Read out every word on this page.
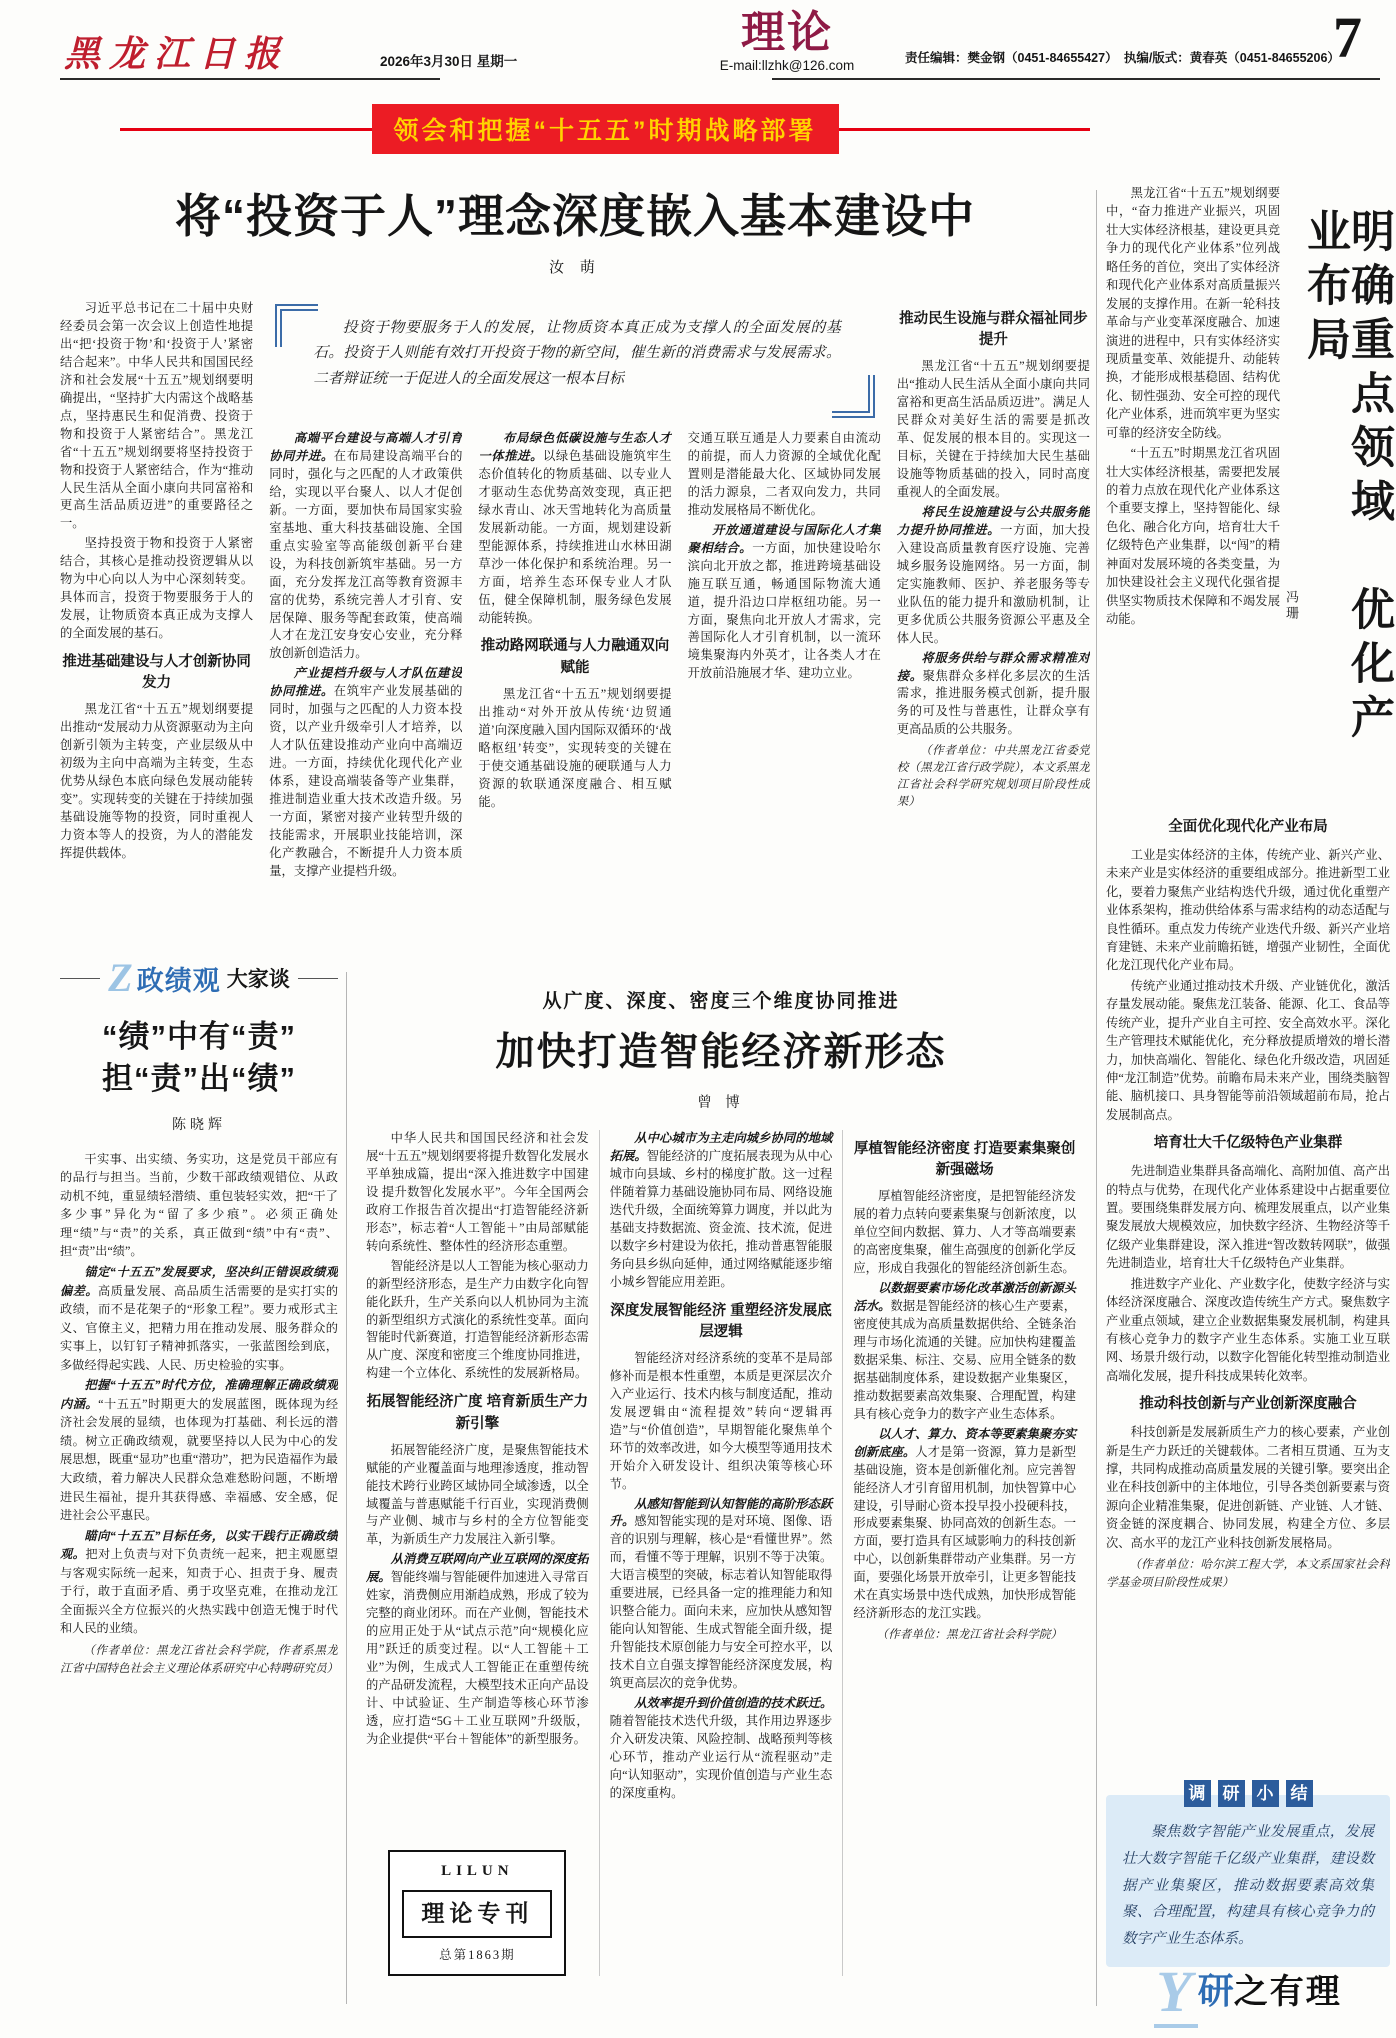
黑龙江日报	2026年3月30日 星期一
理论
E-mail:llzhk@126.com
责任编辑：樊金钢（0451-84655427）　执编/版式：黄春英（0451-84655206）
7
领会和把握“十五五”时期战略部署
将“投资于人”理念深度嵌入基本建设中
汝 萌

习近平总书记在二十届中央财经委员会第一次会议上创造性地提出“把‘投资于物’和‘投资于人’紧密结合起来”。中华人民共和国国民经济和社会发展“十五五”规划纲要明确提出，“坚持扩大内需这个战略基点，坚持惠民生和促消费、投资于物和投资于人紧密结合”。黑龙江省“十五五”规划纲要将坚持投资于物和投资于人紧密结合，作为“推动人民生活从全面小康向共同富裕和更高生活品质迈进”的重要路径之一。

坚持投资于物和投资于人紧密结合，其核心是推动投资逻辑从以物为中心向以人为中心深刻转变。具体而言，投资于物要服务于人的发展，让物质资本真正成为支撑人的全面发展的基石。

推进基础建设与人才创新协同发力

黑龙江省“十五五”规划纲要提出推动“发展动力从资源驱动为主向创新引领为主转变，产业层级从中初级为主向中高端为主转变，生态优势从绿色本底向绿色发展动能转变”。实现转变的关键在于持续加强基础设施等物的投资，同时重视人力资本等人的投资，为人的潜能发挥提供载体。

投资于物要服务于人的发展，让物质资本真正成为支撑人的全面发展的基石。投资于人则能有效打开投资于物的新空间，催生新的消费需求与发展需求。二者辩证统一于促进人的全面发展这一根本目标

高端平台建设与高端人才引育协同并进。在布局建设高端平台的同时，强化与之匹配的人才政策供给，实现以平台聚人、以人才促创新。一方面，要加快布局国家实验室基地、重大科技基础设施、全国重点实验室等高能级创新平台建设，为科技创新筑牢基础。另一方面，充分发挥龙江高等教育资源丰富的优势，系统完善人才引育、安居保障、服务等配套政策，使高端人才在龙江安身安心安业，充分释放创新创造活力。

产业提档升级与人才队伍建设协同推进。在筑牢产业发展基础的同时，加强与之匹配的人力资本投资，以产业升级牵引人才培养，以人才队伍建设推动产业向中高端迈进。一方面，持续优化现代化产业体系，建设高端装备等产业集群，推进制造业重大技术改造升级。另一方面，紧密对接产业转型升级的技能需求，开展职业技能培训，深化产教融合，不断提升人力资本质量，支撑产业提档升级。

布局绿色低碳设施与生态人才一体推进。以绿色基础设施筑牢生态价值转化的物质基础、以专业人才驱动生态优势高效变现，真正把绿水青山、冰天雪地转化为高质量发展新动能。一方面，规划建设新型能源体系，持续推进山水林田湖草沙一体化保护和系统治理。另一方面，培养生态环保专业人才队伍，健全保障机制，服务绿色发展动能转换。

推动路网联通与人力融通双向赋能

黑龙江省“十五五”规划纲要提出推动“对外开放从传统‘边贸通道’向深度融入国内国际双循环的‘战略枢纽’转变”，实现转变的关键在于使交通基础设施的硬联通与人力资源的软联通深度融合、相互赋能。

交通互联互通是人力要素自由流动的前提，而人力资源的全域优化配置则是潜能最大化、区域协同发展的活力源泉，二者双向发力，共同推动发展格局不断优化。

开放通道建设与国际化人才集聚相结合。一方面，加快建设哈尔滨向北开放之都，推进跨境基础设施互联互通，畅通国际物流大通道，提升沿边口岸枢纽功能。另一方面，聚焦向北开放人才需求，完善国际化人才引育机制，以一流环境集聚海内外英才，让各类人才在开放前沿施展才华、建功立业。

推动民生设施与群众福祉同步提升

黑龙江省“十五五”规划纲要提出“推动人民生活从全面小康向共同富裕和更高生活品质迈进”。满足人民群众对美好生活的需要是抓改革、促发展的根本目的。实现这一目标，关键在于持续加大民生基础设施等物质基础的投入，同时高度重视人的全面发展。

将民生设施建设与公共服务能力提升协同推进。一方面，加大投入建设高质量教育医疗设施、完善城乡服务设施网络。另一方面，制定实施教师、医护、养老服务等专业队伍的能力提升和激励机制，让更多优质公共服务资源公平惠及全体人民。

将服务供给与群众需求精准对接。聚焦群众多样化多层次的生活需求，推进服务模式创新，提升服务的可及性与普惠性，让群众享有更高品质的公共服务。

（作者单位：中共黑龙江省委党校（黑龙江省行政学院），本文系黑龙江省社会科学研究规划项目阶段性成果）

Z 政绩观 大家谈
“绩”中有“责”
担“责”出“绩”
陈晓辉

干实事、出实绩、务实功，这是党员干部应有的品行与担当。当前，少数干部政绩观错位、从政动机不纯，重显绩轻潜绩、重包装轻实效，把“干了多少事”异化为“留了多少痕”。必须正确处理“绩”与“责”的关系，真正做到“绩”中有“责”、担“责”出“绩”。

锚定“十五五”发展要求，坚决纠正错误政绩观偏差。高质量发展、高品质生活需要的是实打实的政绩，而不是花架子的“形象工程”。要力戒形式主义、官僚主义，把精力用在推动发展、服务群众的实事上，以钉钉子精神抓落实，一张蓝图绘到底，多做经得起实践、人民、历史检验的实事。

把握“十五五”时代方位，准确理解正确政绩观内涵。“十五五”时期更大的发展蓝图，既体现为经济社会发展的显绩，也体现为打基础、利长远的潜绩。树立正确政绩观，就要坚持以人民为中心的发展思想，既重“显功”也重“潜功”，把为民造福作为最大政绩，着力解决人民群众急难愁盼问题，不断增进民生福祉，提升其获得感、幸福感、安全感，促进社会公平惠民。

瞄向“十五五”目标任务，以实干践行正确政绩观。把对上负责与对下负责统一起来，把主观愿望与客观实际统一起来，知责于心、担责于身、履责于行，敢于直面矛盾、勇于攻坚克难，在推动龙江全面振兴全方位振兴的火热实践中创造无愧于时代和人民的业绩。

（作者单位：黑龙江省社会科学院，作者系黑龙江省中国特色社会主义理论体系研究中心特聘研究员）

从广度、深度、密度三个维度协同推进
加快打造智能经济新形态
曾 博

中华人民共和国国民经济和社会发展“十五五”规划纲要将提升数智化发展水平单独成篇，提出“深入推进数字中国建设 提升数智化发展水平”。今年全国两会政府工作报告首次提出“打造智能经济新形态”，标志着“人工智能＋”由局部赋能转向系统性、整体性的经济形态重塑。

智能经济是以人工智能为核心驱动力的新型经济形态，是生产力由数字化向智能化跃升，生产关系向以人机协同为主流的新型组织方式演化的系统性变革。面向智能时代新赛道，打造智能经济新形态需从广度、深度和密度三个维度协同推进，构建一个立体化、系统性的发展新格局。

拓展智能经济广度 培育新质生产力新引擎

拓展智能经济广度，是聚焦智能技术赋能的产业覆盖面与地理渗透度，推动智能技术跨行业跨区域协同全域渗透，以全域覆盖与普惠赋能千行百业，实现消费侧与产业侧、城市与乡村的全方位智能变革，为新质生产力发展注入新引擎。

从消费互联网向产业互联网的深度拓展。智能终端与智能硬件加速进入寻常百姓家，消费侧应用渐趋成熟，形成了较为完整的商业闭环。而在产业侧，智能技术的应用正处于从“试点示范”向“规模化应用”跃迁的质变过程。以“人工智能＋工业”为例，生成式人工智能正在重塑传统的产品研发流程，大模型技术正向产品设计、中试验证、生产制造等核心环节渗透，应打造“5G＋工业互联网”升级版，为企业提供“平台＋智能体”的新型服务。

LILUN
理论专刊
总第1863期

从中心城市为主走向城乡协同的地域拓展。智能经济的广度拓展表现为从中心城市向县域、乡村的梯度扩散。这一过程伴随着算力基础设施协同布局、网络设施迭代升级，全面统筹算力调度，并以此为基础支持数据流、资金流、技术流，促进以数字乡村建设为依托，推动普惠智能服务向县乡纵向延伸，通过网络赋能逐步缩小城乡智能应用差距。

深度发展智能经济 重塑经济发展底层逻辑

智能经济对经济系统的变革不是局部修补而是根本性重塑，本质是更深层次介入产业运行、技术内核与制度适配，推动发展逻辑由“流程提效”转向“逻辑再造”与“价值创造”，早期智能化聚焦单个环节的效率改进，如今大模型等通用技术开始介入研发设计、组织决策等核心环节。

从感知智能到认知智能的高阶形态跃升。感知智能实现的是对环境、图像、语音的识别与理解，核心是“看懂世界”。然而，看懂不等于理解，识别不等于决策。大语言模型的突破，标志着认知智能取得重要进展，已经具备一定的推理能力和知识整合能力。面向未来，应加快从感知智能向认知智能、生成式智能全面升级，提升智能技术原创能力与安全可控水平，以技术自立自强支撑智能经济深度发展，构筑更高层次的竞争优势。

从效率提升到价值创造的技术跃迁。随着智能技术迭代升级，其作用边界逐步介入研发决策、风险控制、战略预判等核心环节，推动产业运行从“流程驱动”走向“认知驱动”，实现价值创造与产业生态的深度重构。

厚植智能经济密度 打造要素集聚创新强磁场

厚植智能经济密度，是把智能经济发展的着力点转向要素集聚与创新浓度，以单位空间内数据、算力、人才等高端要素的高密度集聚，催生高强度的创新化学反应，形成自我强化的智能经济创新生态。

以数据要素市场化改革激活创新源头活水。数据是智能经济的核心生产要素，密度使其成为高质量数据供给、全链条治理与市场化流通的关键。应加快构建覆盖数据采集、标注、交易、应用全链条的数据基础制度体系，建设数据产业集聚区，推动数据要素高效集聚、合理配置，构建具有核心竞争力的数字产业生态体系。

以人才、算力、资本等要素集聚夯实创新底座。人才是第一资源，算力是新型基础设施，资本是创新催化剂。应完善智能经济人才引育留用机制，加快智算中心建设，引导耐心资本投早投小投硬科技，形成要素集聚、协同高效的创新生态。一方面，要打造具有区域影响力的科技创新中心，以创新集群带动产业集群。另一方面，要强化场景开放牵引，让更多智能技术在真实场景中迭代成熟，加快形成智能经济新形态的龙江实践。

（作者单位：黑龙江省社会科学院）

黑龙江省“十五五”规划纲要中，“奋力推进产业振兴，巩固壮大实体经济根基，建设更具竞争力的现代化产业体系”位列战略任务的首位，突出了实体经济和现代化产业体系对高质量振兴发展的支撑作用。在新一轮科技革命与产业变革深度融合、加速演进的进程中，只有实体经济实现质量变革、效能提升、动能转换，才能形成根基稳固、结构优化、韧性强劲、安全可控的现代化产业体系，进而筑牢更为坚实可靠的经济安全防线。

“十五五”时期黑龙江省巩固壮大实体经济根基，需要把发展的着力点放在现代化产业体系这个重要支撑上，坚持智能化、绿色化、融合化方向，培育壮大千亿级特色产业集群，以“闯”的精神面对发展环境的各类变量，为加快建设社会主义现代化强省提供坚实物质技术保障和不竭发展动能。	冯珊	明确重点领域　优化产业布局

全面优化现代化产业布局

工业是实体经济的主体，传统产业、新兴产业、未来产业是实体经济的重要组成部分。推进新型工业化，要着力聚焦产业结构迭代升级，通过优化重塑产业体系架构，推动供给体系与需求结构的动态适配与良性循环。重点发力传统产业迭代升级、新兴产业培育建链、未来产业前瞻拓链，增强产业韧性，全面优化龙江现代化产业布局。

传统产业通过推动技术升级、产业链优化，激活存量发展动能。聚焦龙江装备、能源、化工、食品等传统产业，提升产业自主可控、安全高效水平。深化生产管理技术赋能优化，充分释放提质增效的增长潜力，加快高端化、智能化、绿色化升级改造，巩固延伸“龙江制造”优势。前瞻布局未来产业，围绕类脑智能、脑机接口、具身智能等前沿领域超前布局，抢占发展制高点。

培育壮大千亿级特色产业集群

先进制造业集群具备高端化、高附加值、高产出的特点与优势，在现代化产业体系建设中占据重要位置。要围绕集群发展方向、梳理发展重点，以产业集聚发展放大规模效应，加快数字经济、生物经济等千亿级产业集群建设，深入推进“智改数转网联”，做强先进制造业，培育壮大千亿级特色产业集群。

推进数字产业化、产业数字化，使数字经济与实体经济深度融合、深度改造传统生产方式。聚焦数字产业重点领域，建立企业数据集聚发展机制，构建具有核心竞争力的数字产业生态体系。实施工业互联网、场景升级行动，以数字化智能化转型推动制造业高端化发展，提升科技成果转化效率。

推动科技创新与产业创新深度融合

科技创新是发展新质生产力的核心要素，产业创新是生产力跃迁的关键载体。二者相互贯通、互为支撑，共同构成推动高质量发展的关键引擎。要突出企业在科技创新中的主体地位，引导各类创新要素与资源向企业精准集聚，促进创新链、产业链、人才链、资金链的深度耦合、协同发展，构建全方位、多层次、高水平的龙江产业科技创新发展格局。

（作者单位：哈尔滨工程大学，本文系国家社会科学基金项目阶段性成果）

调 研 小 结

聚焦数字智能产业发展重点，发展壮大数字智能千亿级产业集群，建设数据产业集聚区，推动数据要素高效集聚、合理配置，构建具有核心竞争力的数字产业生态体系。

Y 研之有理
